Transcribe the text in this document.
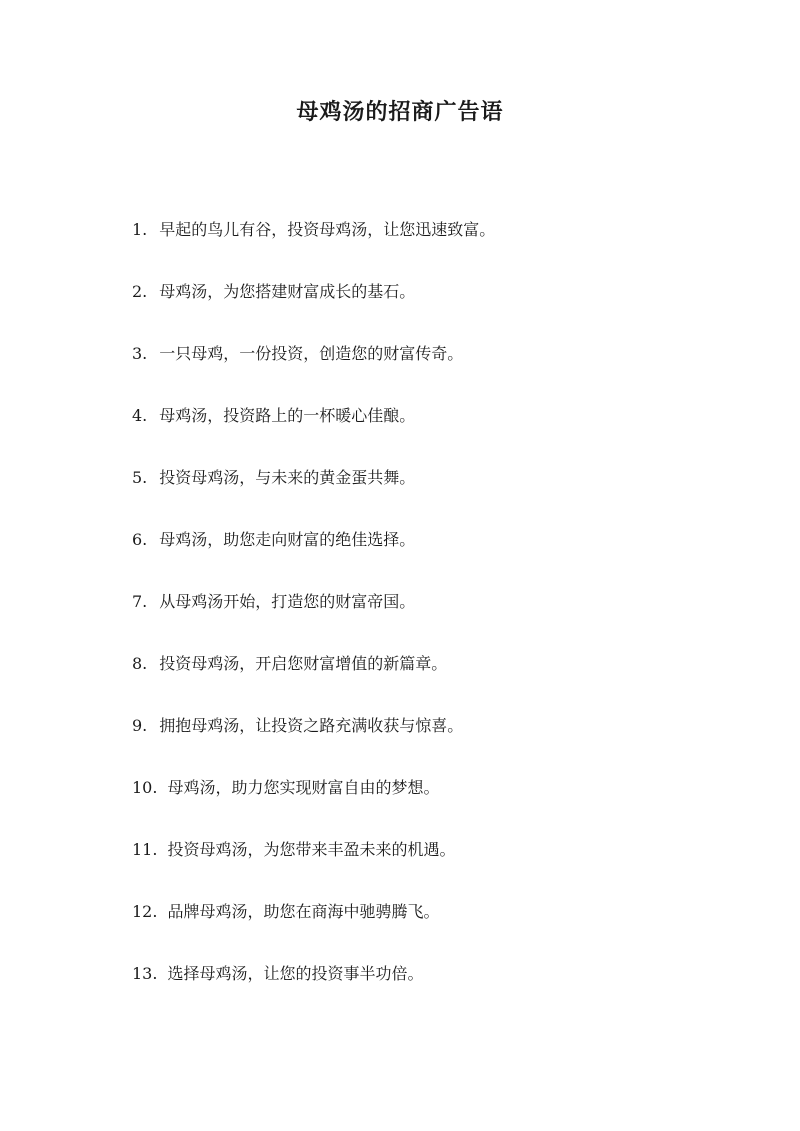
母鸡汤的招商广告语
1. 早起的鸟儿有谷，投资母鸡汤，让您迅速致富。
2. 母鸡汤，为您搭建财富成长的基石。
3. 一只母鸡，一份投资，创造您的财富传奇。
4. 母鸡汤，投资路上的一杯暖心佳酿。
5. 投资母鸡汤，与未来的黄金蛋共舞。
6. 母鸡汤，助您走向财富的绝佳选择。
7. 从母鸡汤开始，打造您的财富帝国。
8. 投资母鸡汤，开启您财富增值的新篇章。
9. 拥抱母鸡汤，让投资之路充满收获与惊喜。
10. 母鸡汤，助力您实现财富自由的梦想。
11. 投资母鸡汤，为您带来丰盈未来的机遇。
12. 品牌母鸡汤，助您在商海中驰骋腾飞。
13. 选择母鸡汤，让您的投资事半功倍。
